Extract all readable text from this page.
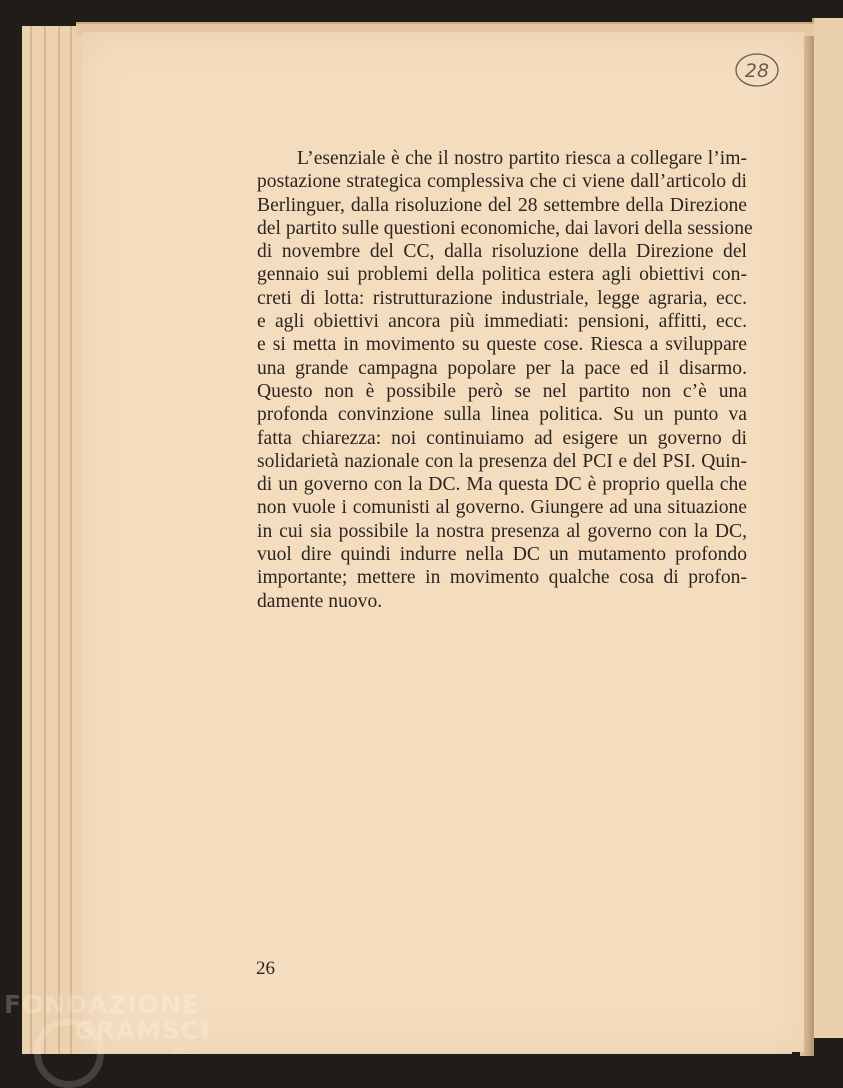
28
L’esenziale è che il nostro partito riesca a collegare l’im-
postazione strategica complessiva che ci viene dall’articolo di
Berlinguer, dalla risoluzione del 28 settembre della Direzione
del partito sulle questioni economiche, dai lavori della sessione
di novembre del CC, dalla risoluzione della Direzione del
gennaio sui problemi della politica estera agli obiettivi con-
creti di lotta: ristrutturazione industriale, legge agraria, ecc.
e agli obiettivi ancora più immediati: pensioni, affitti, ecc.
e si metta in movimento su queste cose. Riesca a sviluppare
una grande campagna popolare per la pace ed il disarmo.
Questo non è possibile però se nel partito non c’è una
profonda convinzione sulla linea politica. Su un punto va
fatta chiarezza: noi continuiamo ad esigere un governo di
solidarietà nazionale con la presenza del PCI e del PSI. Quin-
di un governo con la DC. Ma questa DC è proprio quella che
non vuole i comunisti al governo. Giungere ad una situazione
in cui sia possibile la nostra presenza al governo con la DC,
vuol dire quindi indurre nella DC un mutamento profondo
importante; mettere in movimento qualche cosa di profon-
damente nuovo.
26
FONDAZIONE
GRAMSCI
onlus
